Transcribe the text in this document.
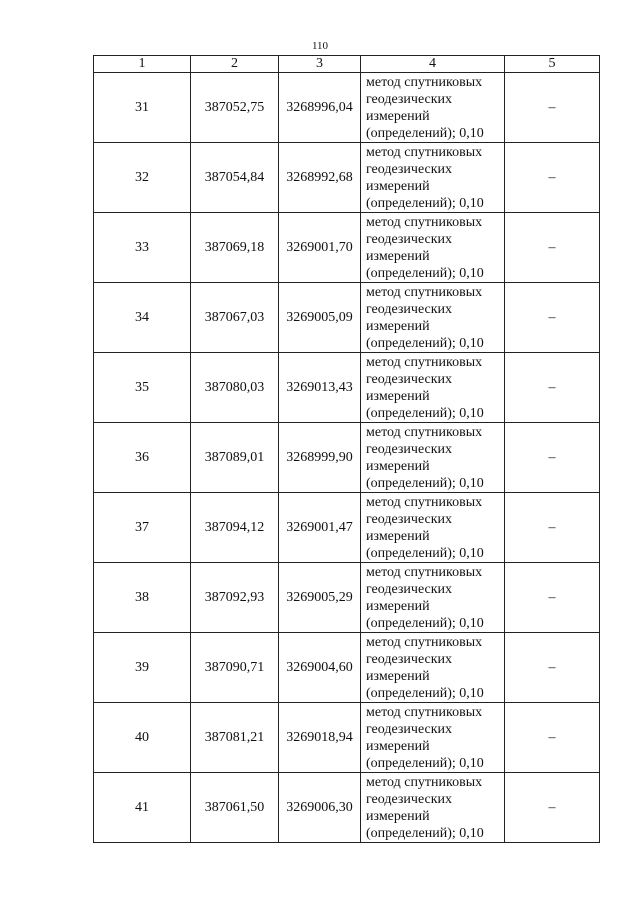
110
1	2	3	4	5
31	387052,75	3268996,04	метод спутниковых
геодезических
измерений
(определений); 0,10	–
32	387054,84	3268992,68	метод спутниковых
геодезических
измерений
(определений); 0,10	–
33	387069,18	3269001,70	метод спутниковых
геодезических
измерений
(определений); 0,10	–
34	387067,03	3269005,09	метод спутниковых
геодезических
измерений
(определений); 0,10	–
35	387080,03	3269013,43	метод спутниковых
геодезических
измерений
(определений); 0,10	–
36	387089,01	3268999,90	метод спутниковых
геодезических
измерений
(определений); 0,10	–
37	387094,12	3269001,47	метод спутниковых
геодезических
измерений
(определений); 0,10	–
38	387092,93	3269005,29	метод спутниковых
геодезических
измерений
(определений); 0,10	–
39	387090,71	3269004,60	метод спутниковых
геодезических
измерений
(определений); 0,10	–
40	387081,21	3269018,94	метод спутниковых
геодезических
измерений
(определений); 0,10	–
41	387061,50	3269006,30	метод спутниковых
геодезических
измерений
(определений); 0,10	–
